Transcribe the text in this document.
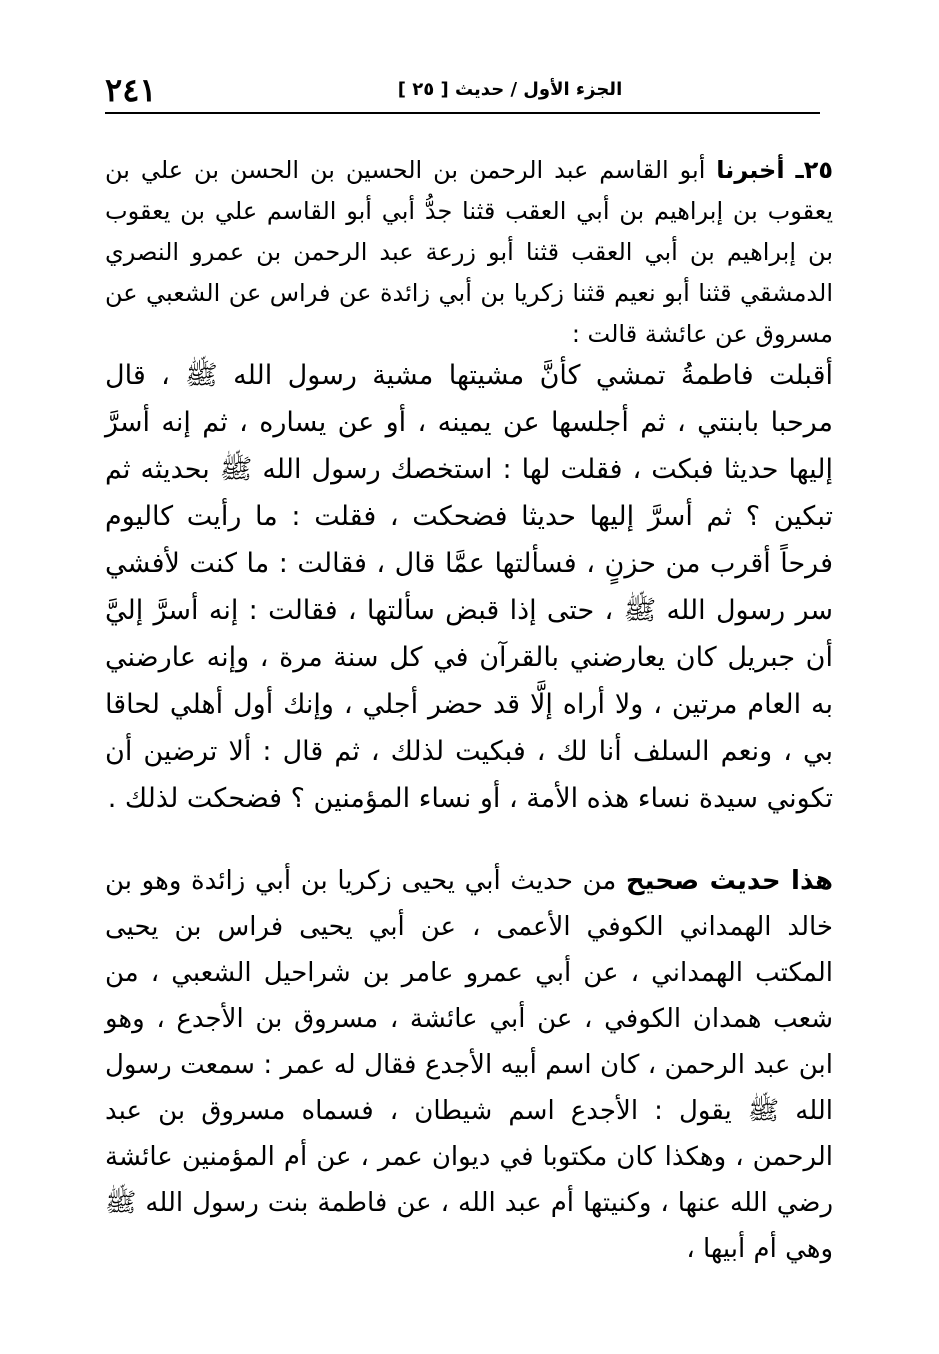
٢٤١	الجزء الأول / حديث [ ٢٥ ]
٢٥ـ أخبرنا أبو القاسم عبد الرحمن بن الحسين بن الحسن بن علي بن يعقوب بن إبراهيم بن أبي العقب قثنا جدُّ أبي أبو القاسم علي بن يعقوب بن إبراهيم بن أبي العقب قثنا أبو زرعة عبد الرحمن بن عمرو النصري الدمشقي قثنا أبو نعيم قثنا زكريا بن أبي زائدة عن فراس عن الشعبي عن مسروق عن عائشة قالت :
أقبلت فاطمةُ تمشي كأنَّ مشيتها مشية رسول الله ﷺ ، قال مرحبا بابنتي ، ثم أجلسها عن يمينه ، أو عن يساره ، ثم إنه أسرَّ إليها حديثا فبكت ، فقلت لها : استخصك رسول الله ﷺ بحديثه ثم تبكين ؟ ثم أسرَّ إليها حديثا فضحكت ، فقلت : ما رأيت كاليوم فرحاً أقرب من حزنٍ ، فسألتها عمَّا قال ، فقالت : ما كنت لأفشي سر رسول الله ﷺ ، حتى إذا قبض سألتها ، فقالت : إنه أسرَّ إليَّ أن جبريل كان يعارضني بالقرآن في كل سنة مرة ، وإنه عارضني به العام مرتين ، ولا أراه إلَّا قد حضر أجلي ، وإنك أول أهلي لحاقا بي ، ونعم السلف أنا لك ، فبكيت لذلك ، ثم قال : ألا ترضين أن تكوني سيدة نساء هذه الأمة ، أو نساء المؤمنين ؟ فضحكت لذلك .
هذا حديث صحيح من حديث أبي يحيى زكريا بن أبي زائدة وهو بن خالد الهمداني الكوفي الأعمى ، عن أبي يحيى فراس بن يحيى المكتب الهمداني ، عن أبي عمرو عامر بن شراحيل الشعبي ، من شعب همدان الكوفي ، عن أبي عائشة ، مسروق بن الأجدع ، وهو ابن عبد الرحمن ، كان اسم أبيه الأجدع فقال له عمر : سمعت رسول الله ﷺ يقول : الأجدع اسم شيطان ، فسماه مسروق بن عبد الرحمن ، وهكذا كان مكتوبا في ديوان عمر ، عن أم المؤمنين عائشة رضي الله عنها ، وكنيتها أم عبد الله ، عن فاطمة بنت رسول الله ﷺ وهي أم أبيها ،
